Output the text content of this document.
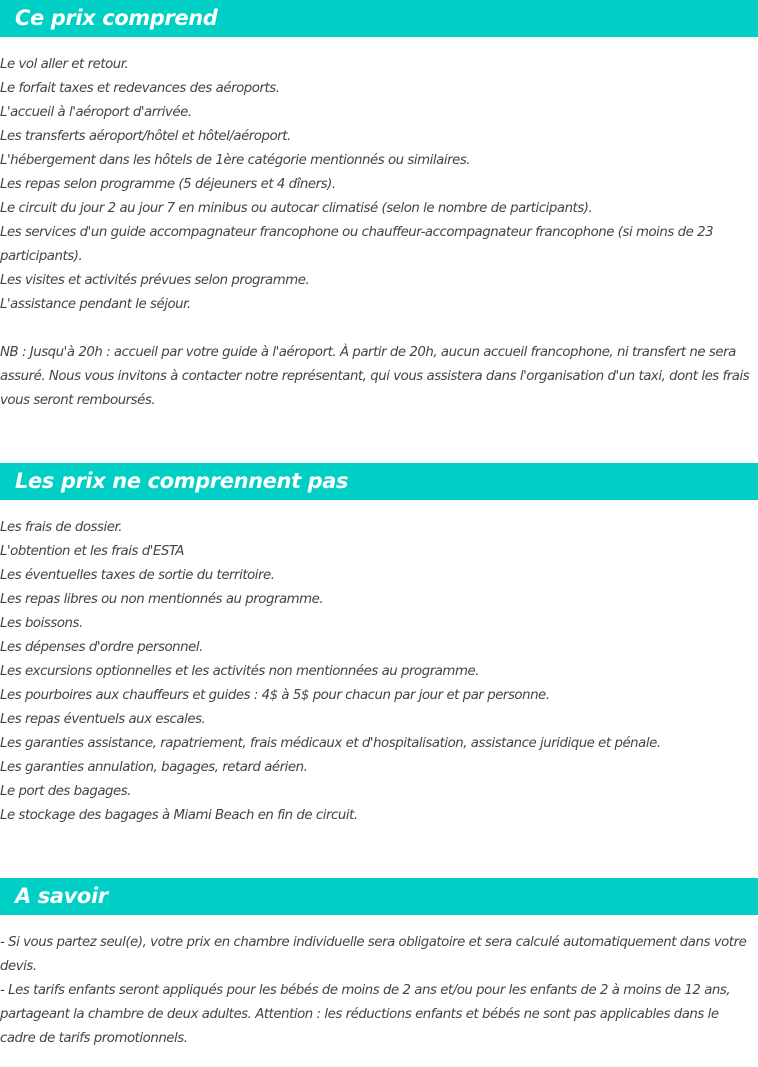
Ce prix comprend

Le vol aller et retour.

Le forfait taxes et redevances des aéroports.

L'accueil à l'aéroport d'arrivée.

Les transferts aéroport/hôtel et hôtel/aéroport.

L'hébergement dans les hôtels de 1ère catégorie mentionnés ou similaires.

Les repas selon programme (5 déjeuners et 4 dîners).

Le circuit du jour 2 au jour 7 en minibus ou autocar climatisé (selon le nombre de participants).

Les services d'un guide accompagnateur francophone ou chauffeur-accompagnateur francophone (si moins de 23 participants).

Les visites et activités prévues selon programme.

L'assistance pendant le séjour.

NB : Jusqu'à 20h : accueil par votre guide à l'aéroport. À partir de 20h, aucun accueil francophone, ni transfert ne sera assuré. Nous vous invitons à contacter notre représentant, qui vous assistera dans l'organisation d'un taxi, dont les frais vous seront remboursés.

Les prix ne comprennent pas

Les frais de dossier.

L'obtention et les frais d'ESTA

Les éventuelles taxes de sortie du territoire.

Les repas libres ou non mentionnés au programme.

Les boissons.

Les dépenses d'ordre personnel.

Les excursions optionnelles et les activités non mentionnées au programme.

Les pourboires aux chauffeurs et guides : 4$ à 5$ pour chacun par jour et par personne.

Les repas éventuels aux escales.

Les garanties assistance, rapatriement, frais médicaux et d'hospitalisation, assistance juridique et pénale.

Les garanties annulation, bagages, retard aérien.

Le port des bagages.

Le stockage des bagages à Miami Beach en fin de circuit.

A savoir

- Si vous partez seul(e), votre prix en chambre individuelle sera obligatoire et sera calculé automatiquement dans votre devis.

- Les tarifs enfants seront appliqués pour les bébés de moins de 2 ans et/ou pour les enfants de 2 à moins de 12 ans, partageant la chambre de deux adultes. Attention : les réductions enfants et bébés ne sont pas applicables dans le cadre de tarifs promotionnels.
